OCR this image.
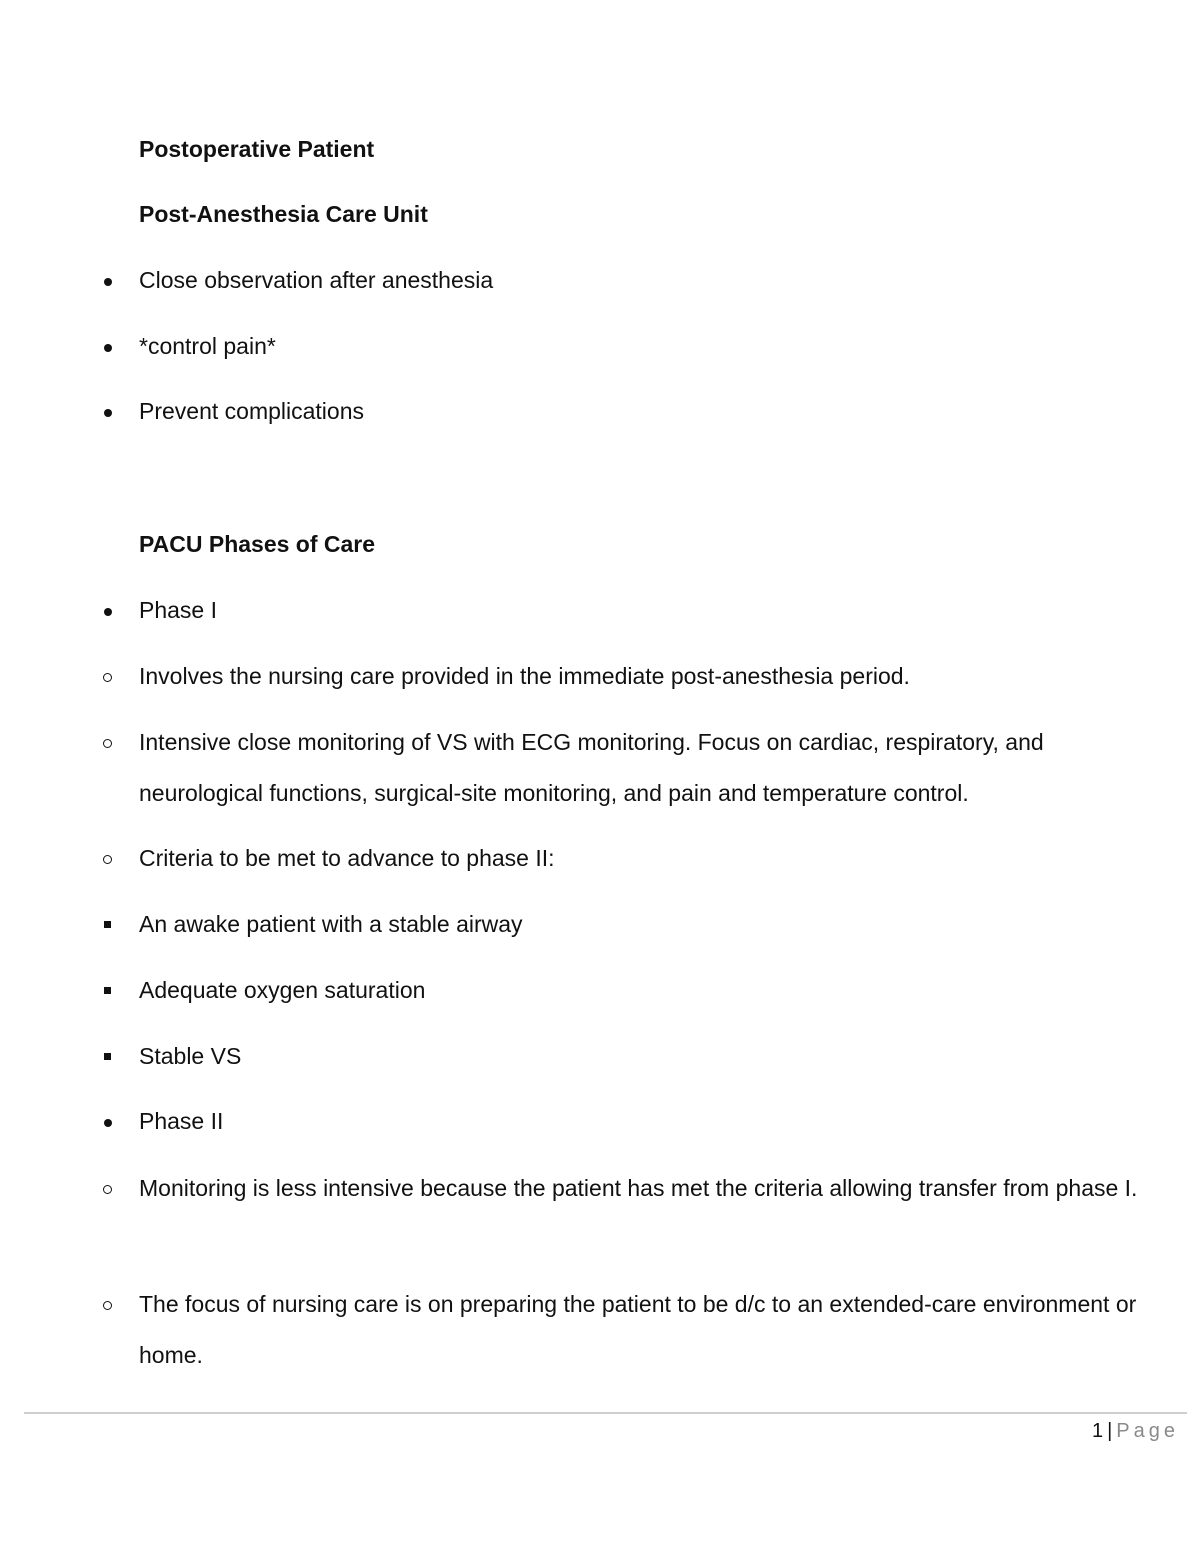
Postoperative Patient
Post-Anesthesia Care Unit
Close observation after anesthesia
*control pain*
Prevent complications
PACU Phases of Care
Phase I
Involves the nursing care provided in the immediate post-anesthesia period.
Intensive close monitoring of VS with ECG monitoring. Focus on cardiac, respiratory, and neurological functions, surgical-site monitoring, and pain and temperature control.
Criteria to be met to advance to phase II:
An awake patient with a stable airway
Adequate oxygen saturation
Stable VS
Phase II
Monitoring is less intensive because the patient has met the criteria allowing transfer from phase I.
The focus of nursing care is on preparing the patient to be d/c to an extended-care environment or home.
1 | Page
